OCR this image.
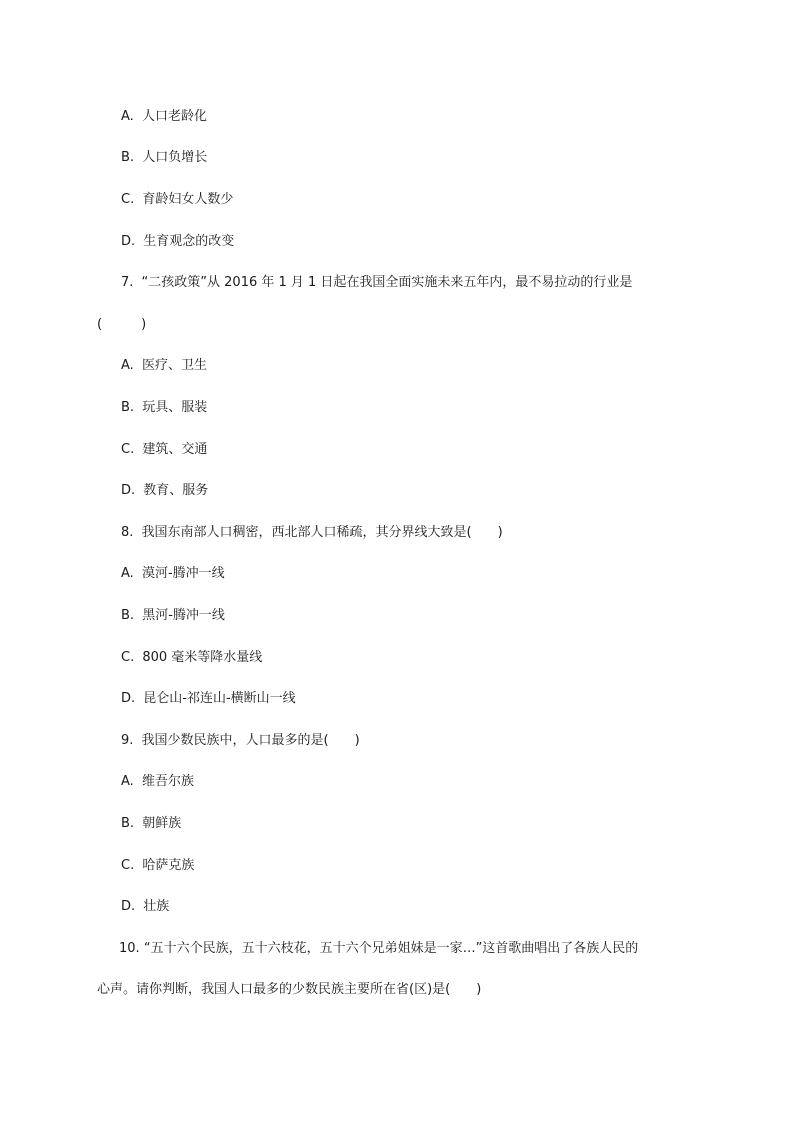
A. 人口老龄化
B. 人口负增长
C. 育龄妇女人数少
D. 生育观念的改变
7. “二孩政策”从 2016 年 1 月 1 日起在我国全面实施未来五年内，最不易拉动的行业是
(　　　)
A. 医疗、卫生
B. 玩具、服装
C. 建筑、交通
D. 教育、服务
8. 我国东南部人口稠密，西北部人口稀疏，其分界线大致是(　　)
A. 漠河-腾冲一线
B. 黑河-腾冲一线
C. 800 毫米等降水量线
D. 昆仑山-祁连山-横断山一线
9. 我国少数民族中，人口最多的是(　　)
A. 维吾尔族
B. 朝鲜族
C. 哈萨克族
D. 壮族
10. “五十六个民族，五十六枝花，五十六个兄弟姐妹是一家…”这首歌曲唱出了各族人民的
心声。请你判断，我国人口最多的少数民族主要所在省(区)是(　　)
